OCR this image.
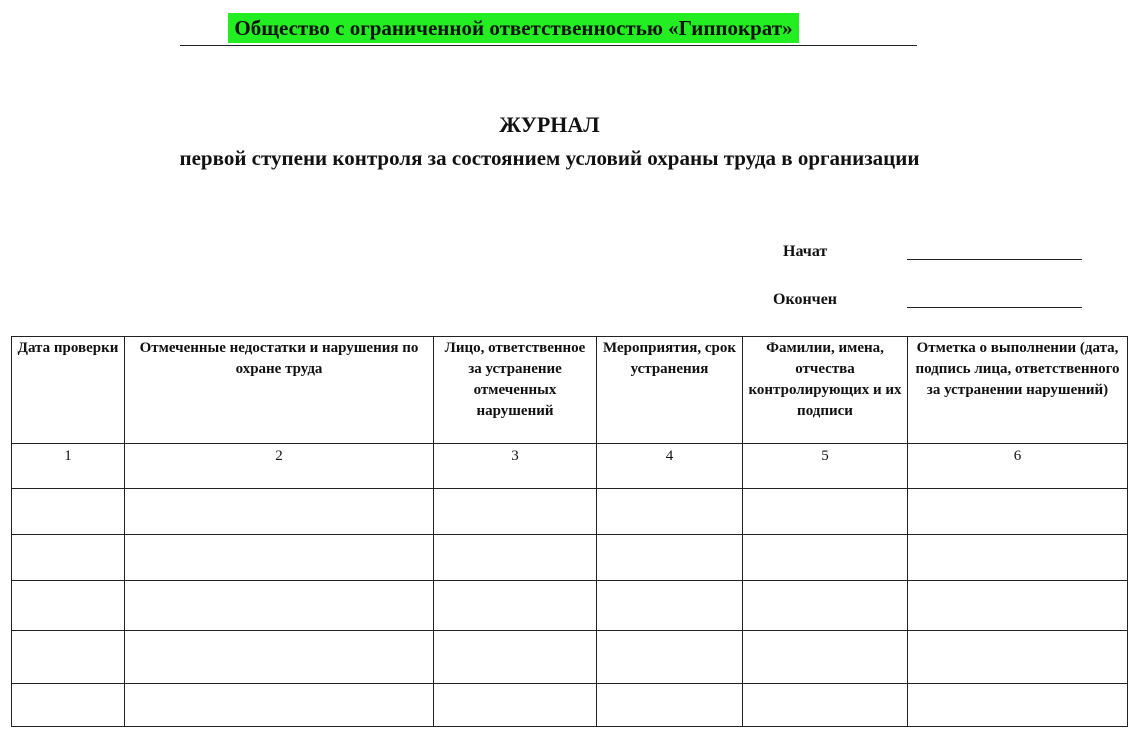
Общество с ограниченной ответственностью «Гиппократ»
ЖУРНАЛ
первой ступени контроля за состоянием условий охраны труда в организации
Начат
Окончен
Дата проверки	Отмеченные недостатки и нарушения по охране труда	Лицо, ответственное за устранение отмеченных нарушений	Мероприятия, срок устранения	Фамилии, имена, отчества контролирующих и их подписи	Отметка о выполнении (дата, подпись лица, ответственного за устранении нарушений)
1	2	3	4	5	6
